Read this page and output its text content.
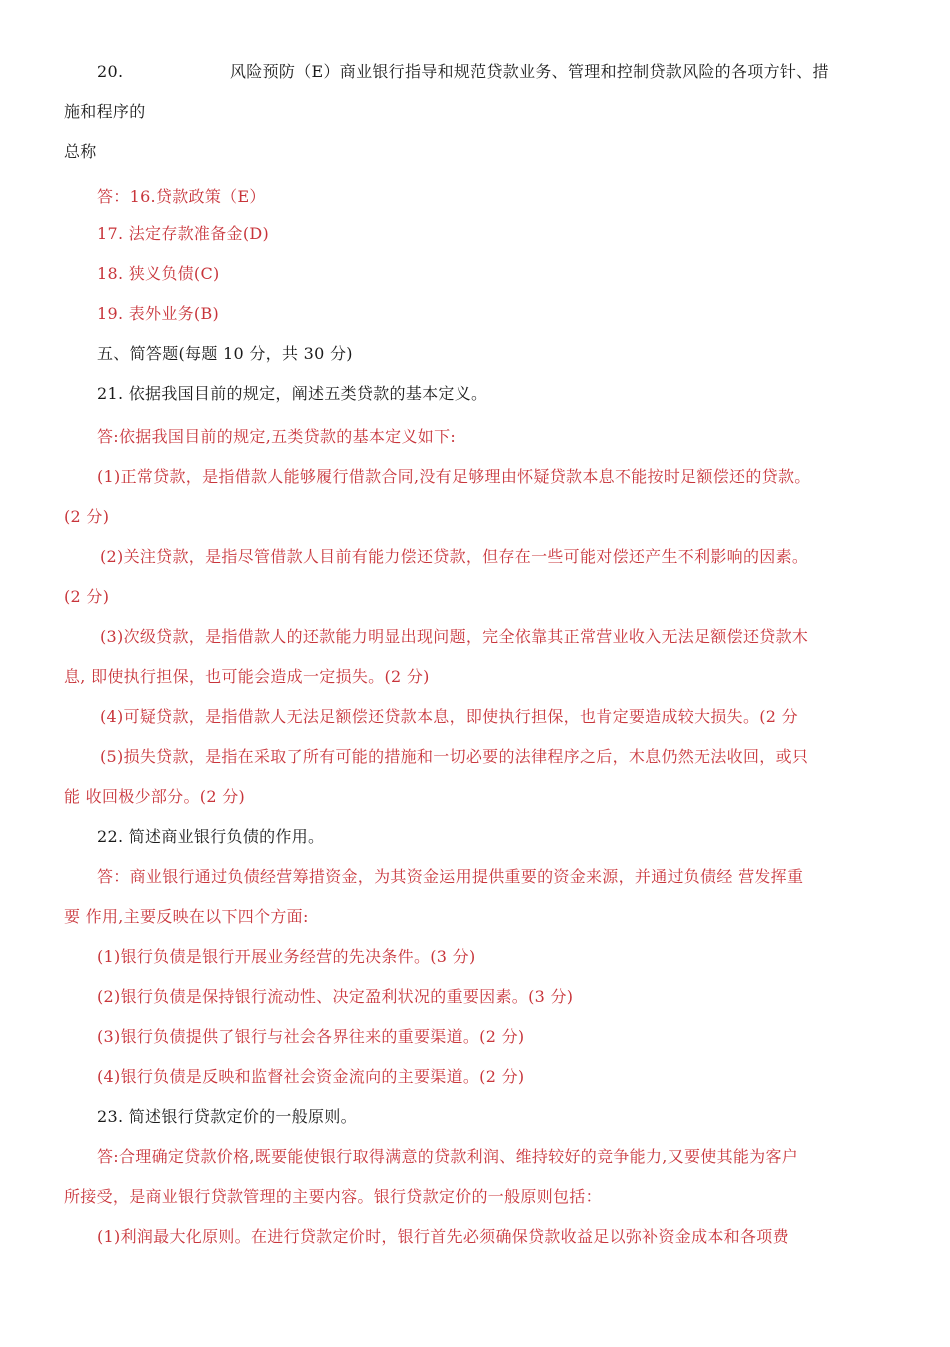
20.	风险预防（E）商业银行指导和规范贷款业务、管理和控制贷款风险的各项方针、措
施和程序的
总称
答：16.贷款政策（E）
17. 法定存款准备金(D)
18. 狭义负债(C)
19. 表外业务(B)
五、简答题(每题 10 分，共 30 分)
21. 依据我国目前的规定，阐述五类贷款的基本定义。
答:依据我国目前的规定,五类贷款的基本定义如下:
(1)正常贷款，是指借款人能够履行借款合同,没有足够理由怀疑贷款本息不能按时足额偿还的贷款。
(2 分)
(2)关注贷款，是指尽管借款人目前有能力偿还贷款，但存在一些可能对偿还产生不利影响的因素。
(2 分)
(3)次级贷款，是指借款人的还款能力明显出现问题，完全依靠其正常营业收入无法足额偿还贷款木
息, 即使执行担保，也可能会造成一定损失。(2 分)
(4)可疑贷款，是指借款人无法足额偿还贷款本息，即使执行担保，也肯定要造成较大损失。(2 分
(5)损失贷款，是指在采取了所有可能的措施和一切必要的法律程序之后，木息仍然无法收回，或只
能 收回极少部分。(2 分)
22. 简述商业银行负债的作用。
答：商业银行通过负债经营筹措资金，为其资金运用提供重要的资金来源，并通过负债经 营发挥重
要 作用,主要反映在以下四个方面:
(1)银行负债是银行开展业务经营的先决条件。(3 分)
(2)银行负债是保持银行流动性、决定盈利状况的重要因素。(3 分)
(3)银行负债提供了银行与社会各界往来的重要渠道。(2 分)
(4)银行负债是反映和监督社会资金流向的主要渠道。(2 分)
23. 简述银行贷款定价的一般原则。
答:合理确定贷款价格,既要能使银行取得满意的贷款利润、维持较好的竞争能力,又要使其能为客户
所接受，是商业银行贷款管理的主要内容。银行贷款定价的一般原则包括：
(1)利润最大化原则。在进行贷款定价时，银行首先必须确保贷款收益足以弥补资金成本和各项费
